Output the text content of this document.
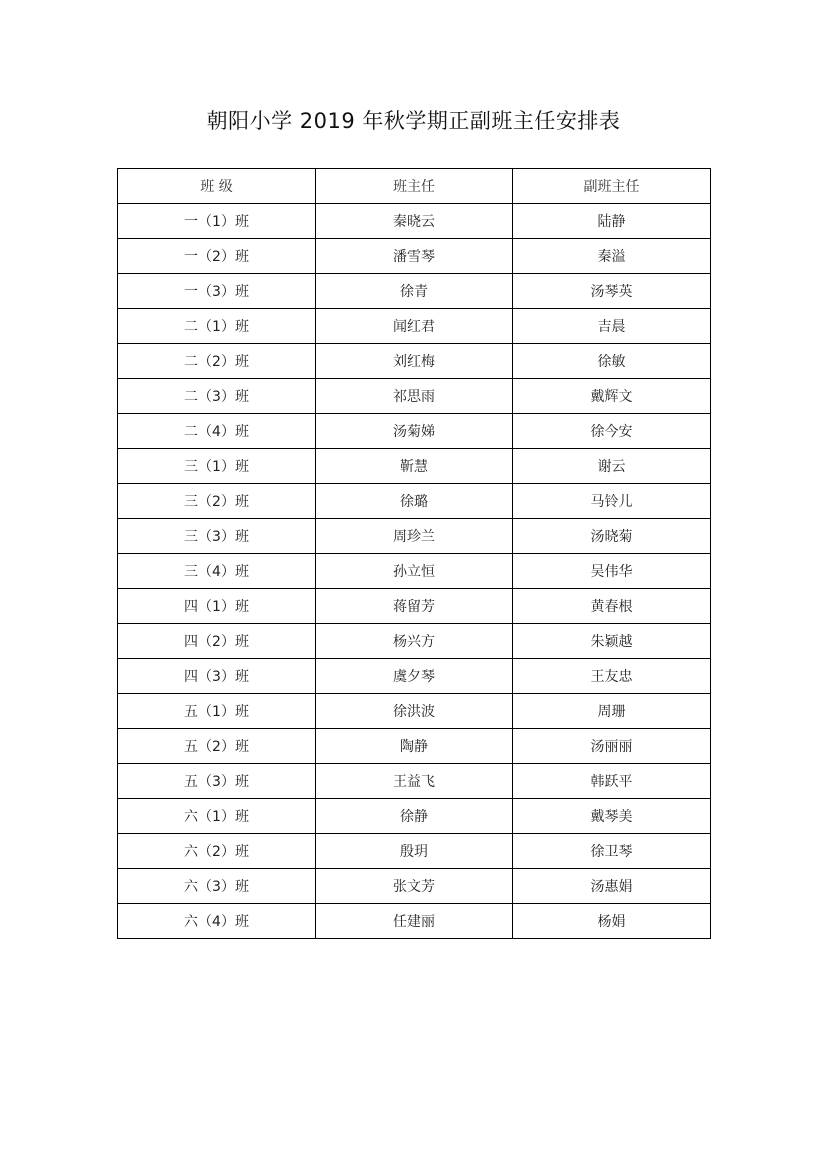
朝阳小学 2019 年秋学期正副班主任安排表
班 级	班主任	副班主任
一（1）班	秦晓云	陆静
一（2）班	潘雪琴	秦溢
一（3）班	徐青	汤琴英
二（1）班	闻红君	吉晨
二（2）班	刘红梅	徐敏
二（3）班	祁思雨	戴辉文
二（4）班	汤菊娣	徐今安
三（1）班	靳慧	谢云
三（2）班	徐璐	马铃儿
三（3）班	周珍兰	汤晓菊
三（4）班	孙立恒	吴伟华
四（1）班	蒋留芳	黄春根
四（2）班	杨兴方	朱颖越
四（3）班	虞夕琴	王友忠
五（1）班	徐洪波	周珊
五（2）班	陶静	汤丽丽
五（3）班	王益飞	韩跃平
六（1）班	徐静	戴琴美
六（2）班	殷玥	徐卫琴
六（3）班	张文芳	汤惠娟
六（4）班	任建丽	杨娟
